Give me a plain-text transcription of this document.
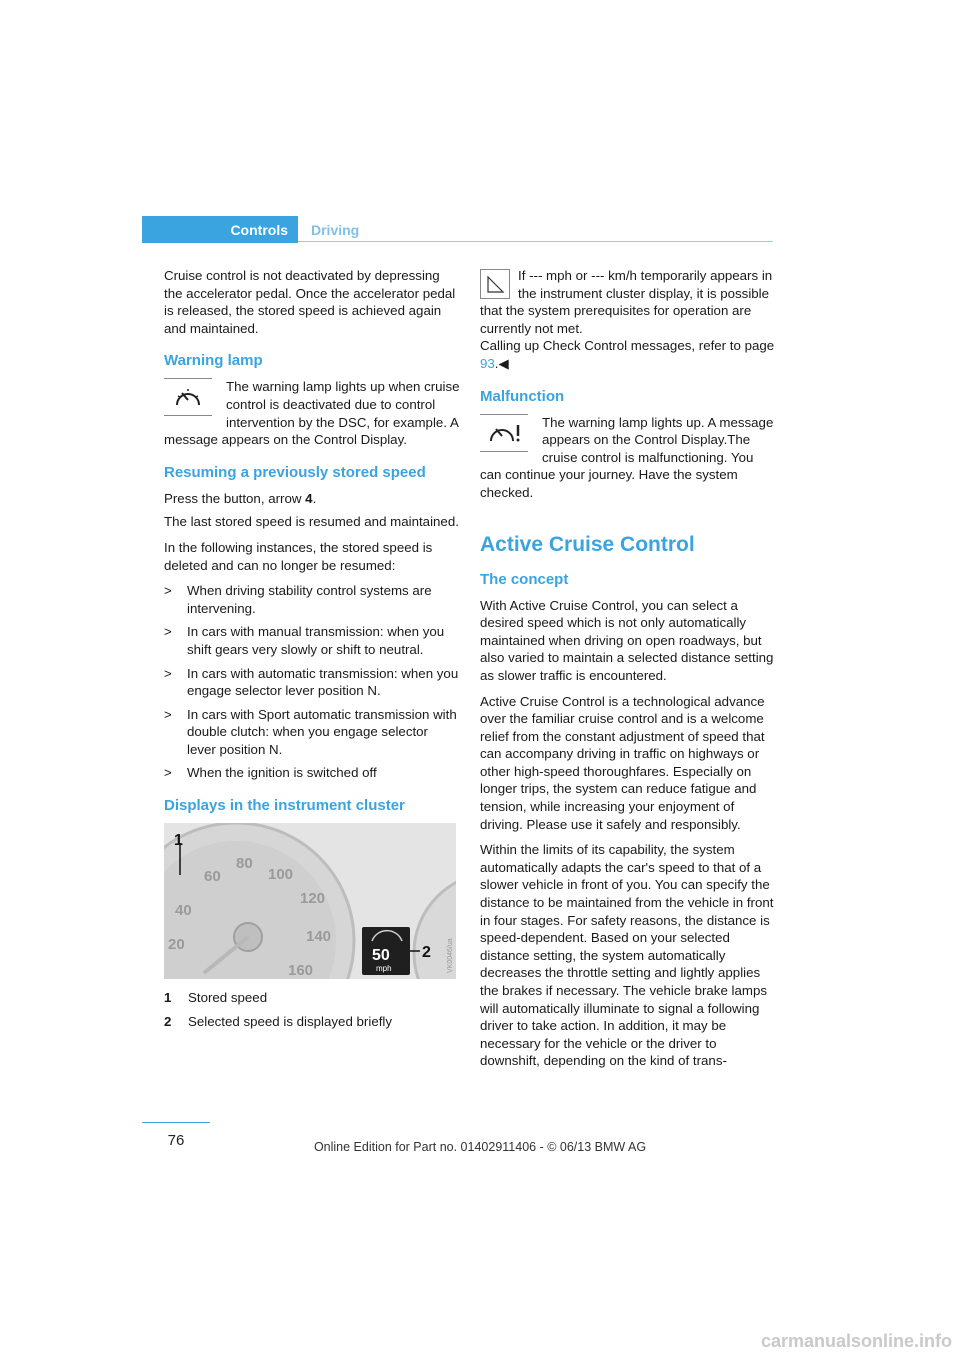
Controls Driving

Cruise control is not deactivated by depressing the accelerator pedal. Once the accelerator pedal is released, the stored speed is achieved again and maintained.

Warning lamp

The warning lamp lights up when cruise control is deactivated due to control intervention by the DSC, for example. A message appears on the Control Display.

Resuming a previously stored speed

Press the button, arrow 4.

The last stored speed is resumed and maintained.

In the following instances, the stored speed is deleted and can no longer be resumed:

> When driving stability control systems are intervening.
> In cars with manual transmission: when you shift gears very slowly or shift to neutral.
> In cars with automatic transmission: when you engage selector lever position N.
> In cars with Sport automatic transmission with double clutch: when you engage selector lever position N.
> When the ignition is switched off
Displays in the instrument cluster
40
60
80
100
20
120
140
160
1
50
mph
2 VK0046/ua
1	Stored speed
2	Selected speed is displayed briefly

If --- mph or --- km/h temporarily appears in the instrument cluster display, it is possible that the system prerequisites for operation are currently not met.

Calling up Check Control messages, refer to page 93.◀

Malfunction

The warning lamp lights up. A message appears on the Control Display.The cruise control is malfunctioning. You can continue your journey. Have the system checked.

Active Cruise Control
The concept

With Active Cruise Control, you can select a desired speed which is not only automatically maintained when driving on open roadways, but also varied to maintain a selected distance setting as slower traffic is encountered.

Active Cruise Control is a technological advance over the familiar cruise control and is a welcome relief from the constant adjustment of speed that can accompany driving in traffic on highways or other high-speed thoroughfares. Especially on longer trips, the system can reduce fatigue and tension, while increasing your enjoyment of driving. Please use it safely and responsibly.

Within the limits of its capability, the system automatically adapts the car's speed to that of a slower vehicle in front of you. You can specify the distance to be maintained from the vehicle in front in four stages. For safety reasons, the distance is speed-dependent. Based on your selected distance setting, the system automatically decreases the throttle setting and lightly applies the brakes if necessary. The vehicle brake lamps will automatically illuminate to signal a following driver to take action. In addition, it may be necessary for the vehicle or the driver to downshift, depending on the kind of trans-

76	Online Edition for Part no. 01402911406 - © 06/13 BMW AG
carmanualsonline.info
